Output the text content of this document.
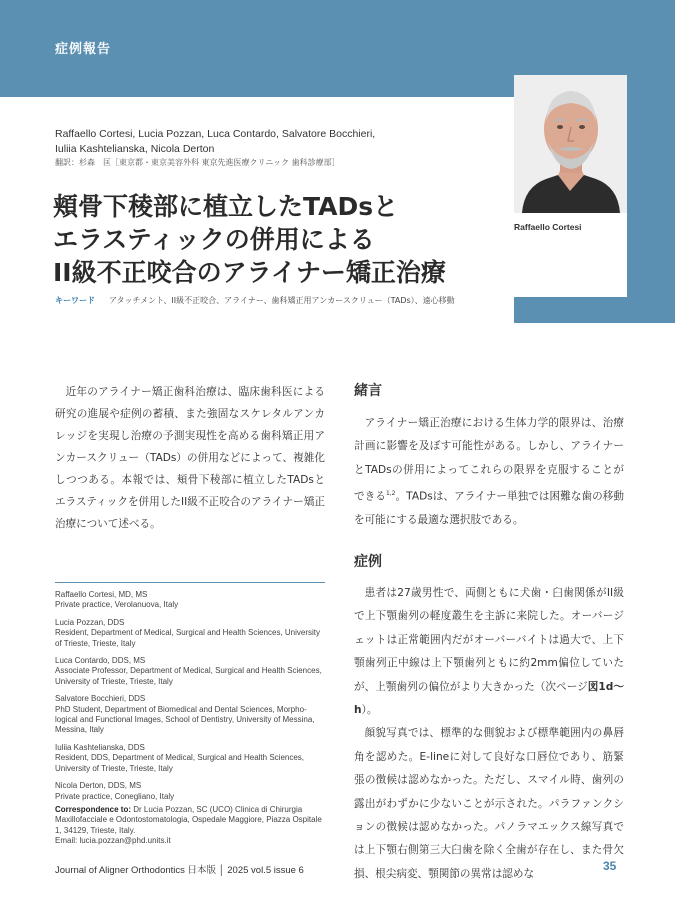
症例報告
Raffaello Cortesi
Raffaello Cortesi, Lucia Pozzan, Luca Contardo, Salvatore Bocchieri,
Iuliia Kashtelianska, Nicola Derton
翻訳：杉森　匡［東京都・東京美容外科 東京先進医療クリニック 歯科診療部］
頬骨下稜部に植立したTADsと
エラスティックの併用による
II級不正咬合のアライナー矯正治療
キーワード アタッチメント、II級不正咬合、アライナー、歯科矯正用アンカースクリュー（TADs）、遠心移動

近年のアライナー矯正歯科治療は、臨床歯科医による研究の進展や症例の蓄積、また強固なスケレタルアンカレッジを実現し治療の予測実現性を高める歯科矯正用アンカースクリュー（TADs）の併用などによって、複雑化しつつある。本報では、頬骨下稜部に植立したTADsとエラスティックを併用したII級不正咬合のアライナー矯正治療について述べる。

緒言

アライナー矯正治療における生体力学的限界は、治療計画に影響を及ぼす可能性がある。しかし、アライナーとTADsの併用によってこれらの限界を克服することができる$^{1,2}$。TADsは、アライナー単独では困難な歯の移動を可能にする最適な選択肢である。

症例

患者は27歳男性で、両側ともに犬歯・臼歯関係がII級で上下顎歯列の軽度叢生を主訴に来院した。オーバージェットは正常範囲内だがオーバーバイトは過大で、上下顎歯列正中線は上下顎歯列ともに約2mm偏位していたが、上顎歯列の偏位がより大きかった（次ページ図1d〜h）。

顔貌写真では、標準的な側貌および標準範囲内の鼻唇角を認めた。E-lineに対して良好な口唇位であり、筋緊張の徴候は認めなかった。ただし、スマイル時、歯列の露出がわずかに少ないことが示された。パラファンクションの徴候は認めなかった。パノラマエックス線写真では上下顎右側第三大臼歯を除く全歯が存在し、また骨欠損、根尖病変、顎関節の異常は認めな

Raffaello Cortesi, MD, MS
Private practice, Verolanuova, Italy
Lucia Pozzan, DDS
Resident, Department of Medical, Surgical and Health Sciences, University of Trieste, Trieste, Italy
Luca Contardo, DDS, MS
Associate Professor, Department of Medical, Surgical and Health Sciences, University of Trieste, Trieste, Italy
Salvatore Bocchieri, DDS
PhD Student, Department of Biomedical and Dental Sciences, Morpho-logical and Functional Images, School of Dentistry, University of Messina, Messina, Italy
Iuliia Kashtelianska, DDS
Resident, DDS, Department of Medical, Surgical and Health Sciences, University of Trieste, Trieste, Italy
Nicola Derton, DDS, MS
Private practice, Conegliano, Italy
Correspondence to: Dr Lucia Pozzan, SC (UCO) Clinica di Chirurgia Maxillofacciale e Odontostomatologia, Ospedale Maggiore, Piazza Ospitale 1, 34129, Trieste, Italy.
Email: lucia.pozzan@phd.units.it
Journal of Aligner Orthodontics 日本版 │ 2025 vol.5 issue 6	35
